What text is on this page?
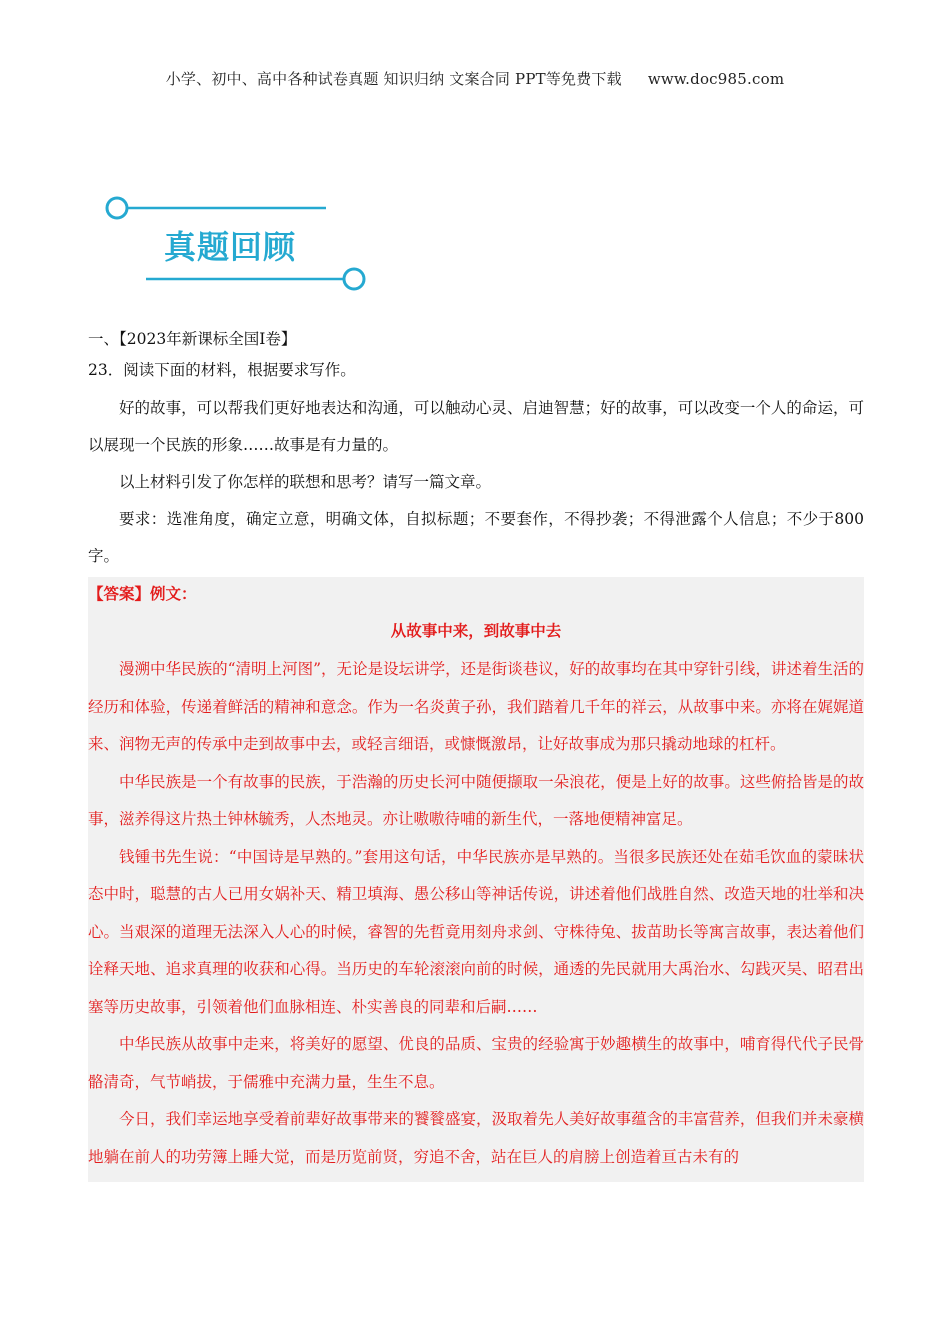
小学、初中、高中各种试卷真题 知识归纳 文案合同 PPT等免费下载 www.doc985.com
真题回顾
一、【2023年新课标全国Ⅰ卷】
23．阅读下面的材料，根据要求写作。

好的故事，可以帮我们更好地表达和沟通，可以触动心灵、启迪智慧；好的故事，可以改变一个人的命运，可以展现一个民族的形象……故事是有力量的。

以上材料引发了你怎样的联想和思考？请写一篇文章。

要求：选准角度，确定立意，明确文体，自拟标题；不要套作，不得抄袭；不得泄露个人信息；不少于800字。

【答案】例文：
从故事中来，到故事中去

漫溯中华民族的“清明上河图”，无论是设坛讲学，还是街谈巷议，好的故事均在其中穿针引线，讲述着生活的经历和体验，传递着鲜活的精神和意念。作为一名炎黄子孙，我们踏着几千年的祥云，从故事中来。亦将在娓娓道来、润物无声的传承中走到故事中去，或轻言细语，或慷慨激昂，让好故事成为那只撬动地球的杠杆。

中华民族是一个有故事的民族，于浩瀚的历史长河中随便撷取一朵浪花，便是上好的故事。这些俯拾皆是的故事，滋养得这片热土钟林毓秀，人杰地灵。亦让嗷嗷待哺的新生代，一落地便精神富足。

钱锺书先生说：“中国诗是早熟的。”套用这句话，中华民族亦是早熟的。当很多民族还处在茹毛饮血的蒙昧状态中时，聪慧的古人已用女娲补天、精卫填海、愚公移山等神话传说，讲述着他们战胜自然、改造天地的壮举和决心。当艰深的道理无法深入人心的时候，睿智的先哲竟用刻舟求剑、守株待兔、拔苗助长等寓言故事，表达着他们诠释天地、追求真理的收获和心得。当历史的车轮滚滚向前的时候，通透的先民就用大禹治水、勾践灭吴、昭君出塞等历史故事，引领着他们血脉相连、朴实善良的同辈和后嗣……

中华民族从故事中走来，将美好的愿望、优良的品质、宝贵的经验寓于妙趣横生的故事中，哺育得代代子民骨骼清奇，气节峭拔，于儒雅中充满力量，生生不息。

今日，我们幸运地享受着前辈好故事带来的饕餮盛宴，汲取着先人美好故事蕴含的丰富营养，但我们并未豪横地躺在前人的功劳簿上睡大觉，而是历览前贤，穷追不舍，站在巨人的肩膀上创造着亘古未有的
